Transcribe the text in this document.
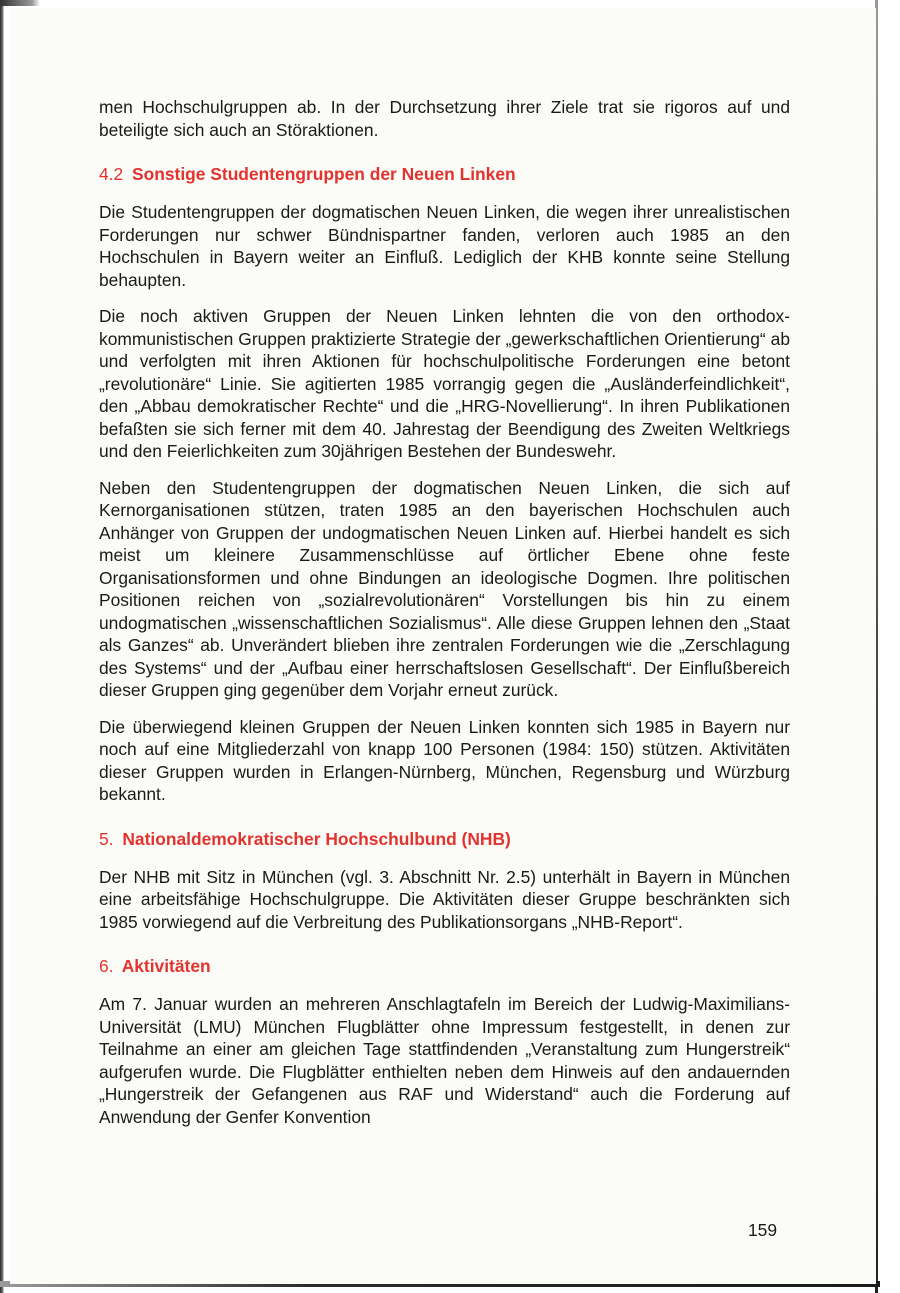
men Hochschulgruppen ab. In der Durchsetzung ihrer Ziele trat sie rigoros auf und beteiligte sich auch an Störaktionen.

4.2 Sonstige Studentengruppen der Neuen Linken

Die Studentengruppen der dogmatischen Neuen Linken, die wegen ihrer unrealistischen Forderungen nur schwer Bündnispartner fanden, verloren auch 1985 an den Hochschulen in Bayern weiter an Einfluß. Lediglich der KHB konnte seine Stellung behaupten.

Die noch aktiven Gruppen der Neuen Linken lehnten die von den orthodoxkommunistischen Gruppen praktizierte Strategie der „gewerkschaftlichen Orientierung“ ab und verfolgten mit ihren Aktionen für hochschulpolitische Forderungen eine betont „revolutionäre“ Linie. Sie agitierten 1985 vorrangig gegen die „Ausländerfeindlichkeit“, den „Abbau demokratischer Rechte“ und die „HRG-Novellierung“. In ihren Publikationen befaßten sie sich ferner mit dem 40. Jahrestag der Beendigung des Zweiten Weltkriegs und den Feierlichkeiten zum 30jährigen Bestehen der Bundeswehr.

Neben den Studentengruppen der dogmatischen Neuen Linken, die sich auf Kernorganisationen stützen, traten 1985 an den bayerischen Hochschulen auch Anhänger von Gruppen der undogmatischen Neuen Linken auf. Hierbei handelt es sich meist um kleinere Zusammenschlüsse auf örtlicher Ebene ohne feste Organisationsformen und ohne Bindungen an ideologische Dogmen. Ihre politischen Positionen reichen von „sozialrevolutionären“ Vorstellungen bis hin zu einem undogmatischen „wissenschaftlichen Sozialismus“. Alle diese Gruppen lehnen den „Staat als Ganzes“ ab. Unverändert blieben ihre zentralen Forderungen wie die „Zerschlagung des Systems“ und der „Aufbau einer herrschaftslosen Gesellschaft“. Der Einflußbereich dieser Gruppen ging gegenüber dem Vorjahr erneut zurück.

Die überwiegend kleinen Gruppen der Neuen Linken konnten sich 1985 in Bayern nur noch auf eine Mitgliederzahl von knapp 100 Personen (1984: 150) stützen. Aktivitäten dieser Gruppen wurden in Erlangen-Nürnberg, München, Regensburg und Würzburg bekannt.

5. Nationaldemokratischer Hochschulbund (NHB)

Der NHB mit Sitz in München (vgl. 3. Abschnitt Nr. 2.5) unterhält in Bayern in München eine arbeitsfähige Hochschulgruppe. Die Aktivitäten dieser Gruppe beschränkten sich 1985 vorwiegend auf die Verbreitung des Publikationsorgans „NHB-Report“.

6. Aktivitäten

Am 7. Januar wurden an mehreren Anschlagtafeln im Bereich der Ludwig-Maximilians-Universität (LMU) München Flugblätter ohne Impressum festgestellt, in denen zur Teilnahme an einer am gleichen Tage stattfindenden „Veranstaltung zum Hungerstreik“ aufgerufen wurde. Die Flugblätter enthielten neben dem Hinweis auf den andauernden „Hungerstreik der Gefangenen aus RAF und Widerstand“ auch die Forderung auf Anwendung der Genfer Konvention

159
